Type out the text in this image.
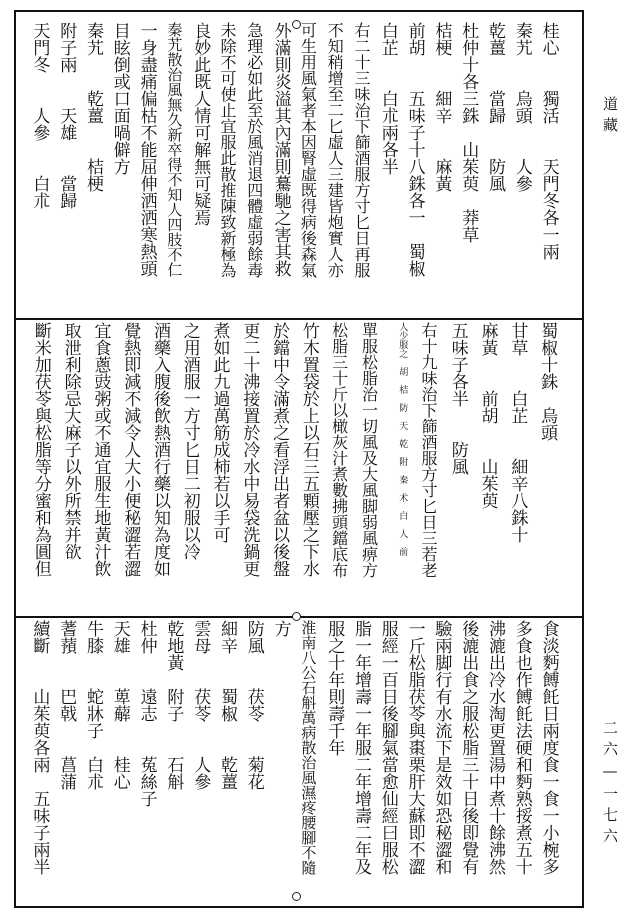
道藏
二六—一七六
桂心　　獨活　　天門冬各一兩
秦艽　　烏頭　　人參
乾薑　　當歸　　防風
杜仲十各三銖　山茱萸　莽草
桔梗　　細辛　　麻黃
前胡　　五味子十八銖各一　蜀椒
白芷　　白朮兩各半
右二十三味治下篩酒服方寸匕日再服
不知稍增至二匕虛人三建皆炮實人亦
可生用風氣者本因腎虛既得病後森氣
外滿則炎溢其內滿則驀馳之害其救
急理必如此至於風消退四體虛弱餘毒
未除不可使止宜服此散推陳致新極為
良妙此既人情可解無可疑焉
秦艽散治風無久新卒得不知人四肢不仁
一身盡痛偏枯不能屈伸洒洒寒熱頭
目眩倒或口面喎僻方
秦艽　　乾薑　　桔梗
附子兩　　天雄　　當歸
天門冬　　人參　　白朮
蜀椒十銖　烏頭
甘草　　白芷　　細辛八銖十
麻黃　　前胡　　山茱萸
五味子各半　　防風
右十九味治下篩酒服方寸匕日三若老
人少服之　胡　桔　防　天　乾　附　秦　术　白　人　前
單服松脂治一切風及大風脚弱風痹方
松脂三十斤以橄灰汁煮數拂頭鐺底布
竹木置袋於上以石三五顆壓之下水
於鐺中令滿煮之看浮出者盆以後盤
更二十沸接置於冷水中易袋洗鍋更
煮如此九過萬筋成柿若以手可
之用酒服一方寸匕日二初服以冷
酒藥入腹後飲熱酒行藥以知為度如
覺熱即減不減令人大小便秘澀若澀
宜食蔥豉粥或不通宜服生地黃汁飲
取泄利除忌大麻子以外所禁并欲
斷米加茯苓與松脂等分蜜和為圓但
食淡麪餺飥日兩度食一食一小椀多
多食也作餺飥法硬和麪熟挼煮五十
沸漉出冷水淘更置湯中煮十餘沸然
後漉出食之服松脂三十日後即覺有
驗兩脚行有水流下是效如恐秘澀和
一斤松脂茯苓與棗栗肝大蘇即不澀
服經一百日後腳氣當愈仙經曰服松
脂一年增壽一年服二年增壽二年及
服之十年則壽千年
淮南八公石斛萬病散治風濕疼腰腳不隨
方
防風　　茯苓　　菊花
細辛　　蜀椒　　乾薑
雲母　　茯苓　　人參
乾地黃　附子　　石斛
杜仲　　遠志　　菟絲子
天雄　　萆薢　　桂心
牛膝　　蛇牀子　白朮
蓍蕷　　巴戟　　菖蒲
續斷　　山茱萸各兩　五味子兩半
